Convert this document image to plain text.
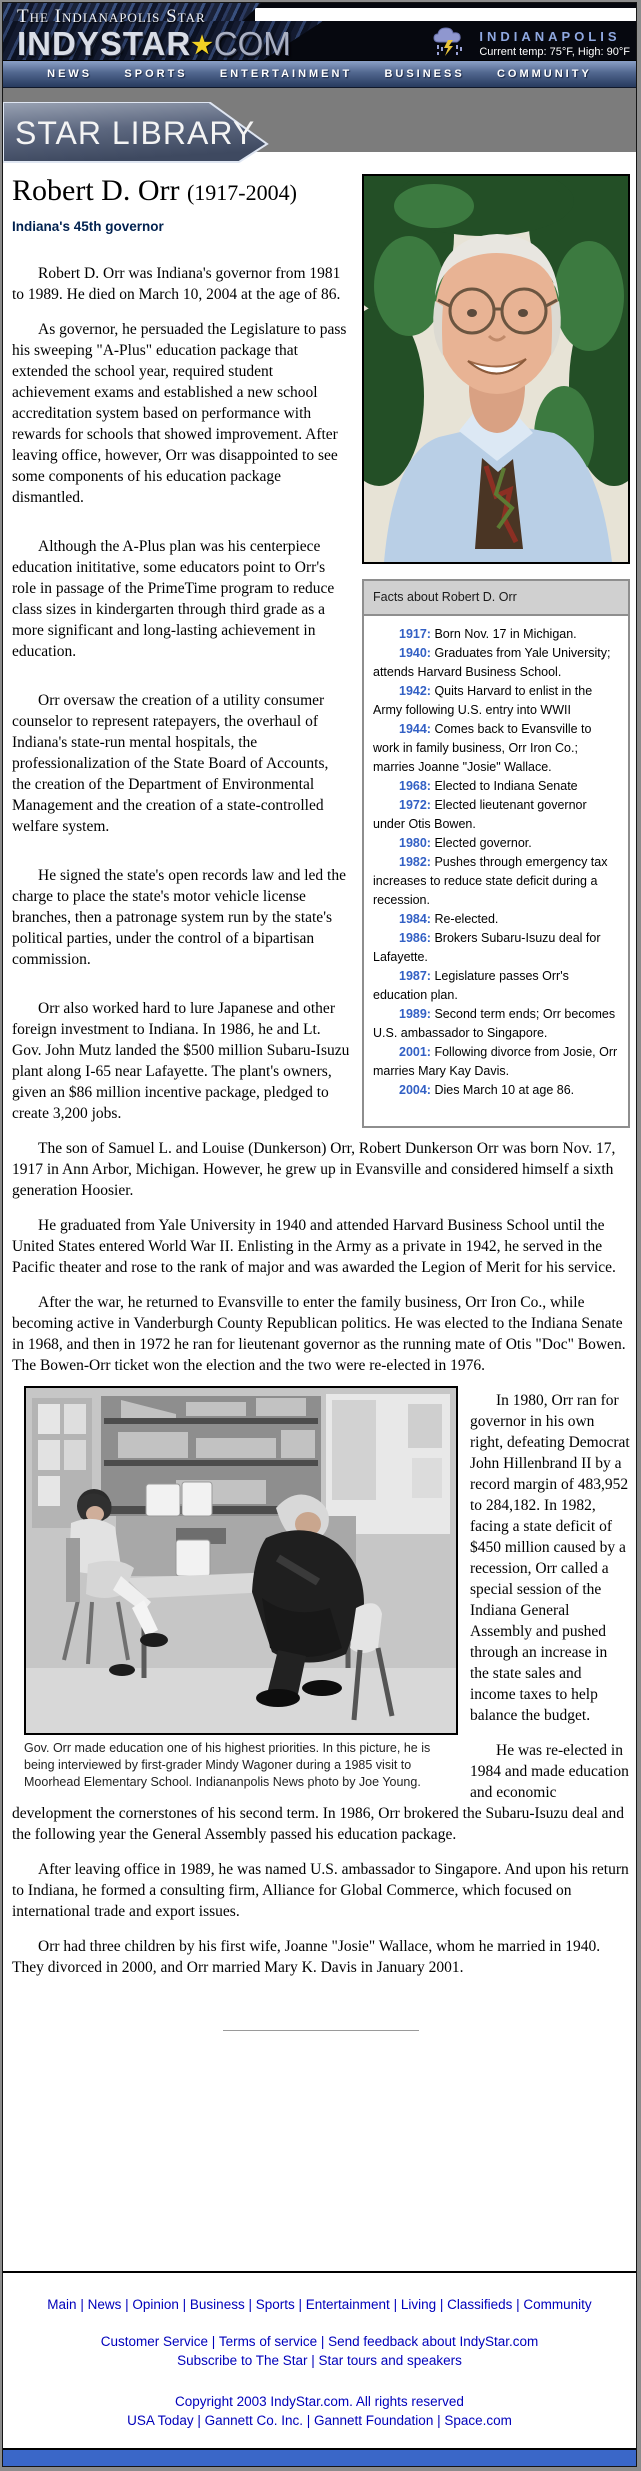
The Indianapolis Star
INDYSTAR★COM	INDIANAPOLIS
Current temp: 75°F, High: 90°F
NEWS	SPORTS	ENTERTAINMENT	BUSINESS	COMMUNITY
STAR LIBRARY
Facts about Robert D. Orr

1917: Born Nov. 17 in Michigan.

1940: Graduates from Yale University; attends Harvard Business School.

1942: Quits Harvard to enlist in the Army following U.S. entry into WWII

1944: Comes back to Evansville to work in family business, Orr Iron Co.; marries Joanne "Josie" Wallace.

1968: Elected to Indiana Senate

1972: Elected lieutenant governor under Otis Bowen.

1980: Elected governor.

1982: Pushes through emergency tax increases to reduce state deficit during a recession.

1984: Re-elected.

1986: Brokers Subaru-Isuzu deal for Lafayette.

1987: Legislature passes Orr's education plan.

1989: Second term ends; Orr becomes U.S. ambassador to Singapore.

2001: Following divorce from Josie, Orr marries Mary Kay Davis.

2004: Dies March 10 at age 86.

Robert D. Orr (1917-2004)
Indiana's 45th governor

Robert D. Orr was Indiana's governor from 1981 to 1989. He died on March 10, 2004 at the age of 86.

As governor, he persuaded the Legislature to pass his sweeping "A-Plus" education package that extended the school year, required student achievement exams and established a new school accreditation system based on performance with rewards for schools that showed improvement. After leaving office, however, Orr was disappointed to see some components of his education package dismantled.

Although the A-Plus plan was his centerpiece education inititative, some educators point to Orr's role in passage of the PrimeTime program to reduce class sizes in kindergarten through third grade as a more significant and long-lasting achievement in education.

Orr oversaw the creation of a utility consumer counselor to represent ratepayers, the overhaul of Indiana's state-run mental hospitals, the professionalization of the State Board of Accounts, the creation of the Department of Environmental Management and the creation of a state-controlled welfare system.

He signed the state's open records law and led the charge to place the state's motor vehicle license branches, then a patronage system run by the state's political parties, under the control of a bipartisan commission.

Orr also worked hard to lure Japanese and other foreign investment to Indiana. In 1986, he and Lt. Gov. John Mutz landed the $500 million Subaru-Isuzu plant along I-65 near Lafayette. The plant's owners, given an $86 million incentive package, pledged to create 3,200 jobs.

The son of Samuel L. and Louise (Dunkerson) Orr, Robert Dunkerson Orr was born Nov. 17, 1917 in Ann Arbor, Michigan. However, he grew up in Evansville and considered himself a sixth generation Hoosier.

He graduated from Yale University in 1940 and attended Harvard Business School until the United States entered World War II. Enlisting in the Army as a private in 1942, he served in the Pacific theater and rose to the rank of major and was awarded the Legion of Merit for his service.

After the war, he returned to Evansville to enter the family business, Orr Iron Co., while becoming active in Vanderburgh County Republican politics. He was elected to the Indiana Senate in 1968, and then in 1972 he ran for lieutenant governor as the running mate of Otis "Doc" Bowen. The Bowen-Orr ticket won the election and the two were re-elected in 1976.

Gov. Orr made education one of his highest priorities. In this picture, he is being interviewed by first-grader Mindy Wagoner during a 1985 visit to Moorhead Elementary School. Indiananpolis News photo by Joe Young.

In 1980, Orr ran for governor in his own right, defeating Democrat John Hillenbrand II by a record margin of 483,952 to 284,182. In 1982, facing a state deficit of $450 million caused by a recession, Orr called a special session of the Indiana General Assembly and pushed through an increase in the state sales and income taxes to help balance the budget.

He was re-elected in 1984 and made education and economic development the cornerstones of his second term. In 1986, Orr brokered the Subaru-Isuzu deal and the following year the General Assembly passed his education package.

After leaving office in 1989, he was named U.S. ambassador to Singapore. And upon his return to Indiana, he formed a consulting firm, Alliance for Global Commerce, which focused on international trade and export issues.

Orr had three children by his first wife, Joanne "Josie" Wallace, whom he married in 1940. They divorced in 2000, and Orr married Mary K. Davis in January 2001.

Main | News | Opinion | Business | Sports | Entertainment | Living | Classifieds | Community
Customer Service | Terms of service | Send feedback about IndyStar.com
Subscribe to The Star | Star tours and speakers
Copyright 2003 IndyStar.com. All rights reserved
USA Today | Gannett Co. Inc. | Gannett Foundation | Space.com
